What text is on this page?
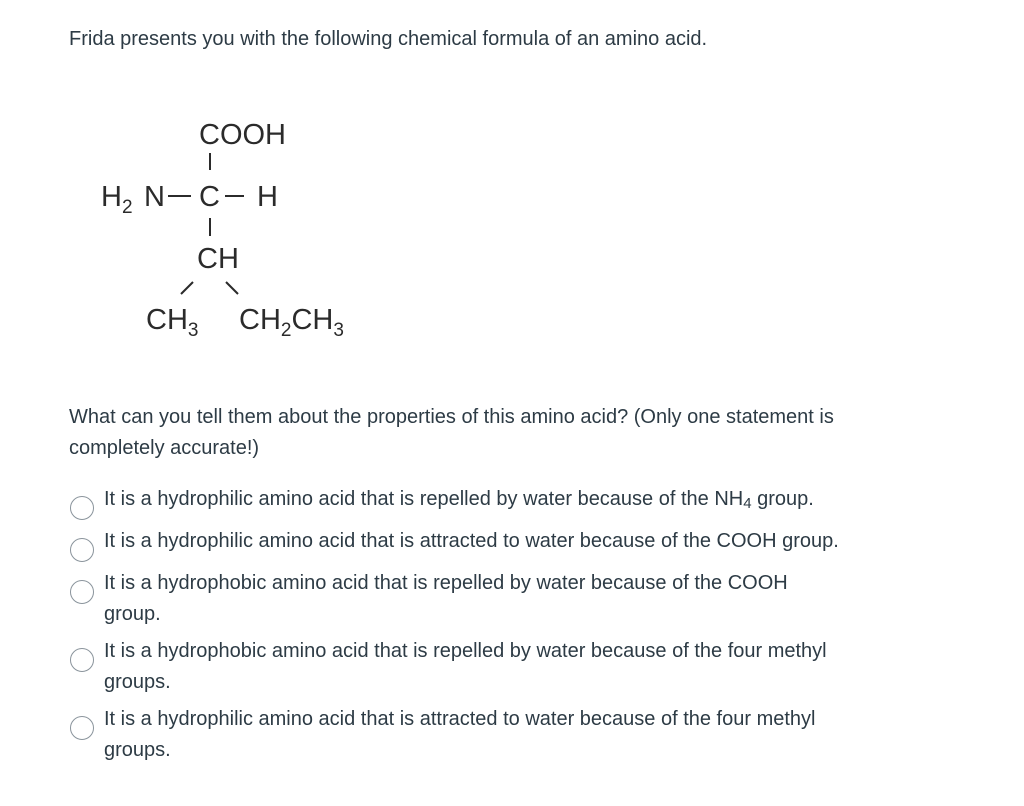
Frida presents you with the following chemical formula of an amino acid.

COOH
$H_2$ N C H
CH
$CH_3$ $CH_2CH_3$

What can you tell them about the properties of this amino acid? (Only one statement is completely accurate!)

It is a hydrophilic amino acid that is repelled by water because of the $NH_4$ group.
It is a hydrophilic amino acid that is attracted to water because of the COOH group.
It is a hydrophobic amino acid that is repelled by water because of the COOH group.
It is a hydrophobic amino acid that is repelled by water because of the four methyl groups.
It is a hydrophilic amino acid that is attracted to water because of the four methyl groups.
